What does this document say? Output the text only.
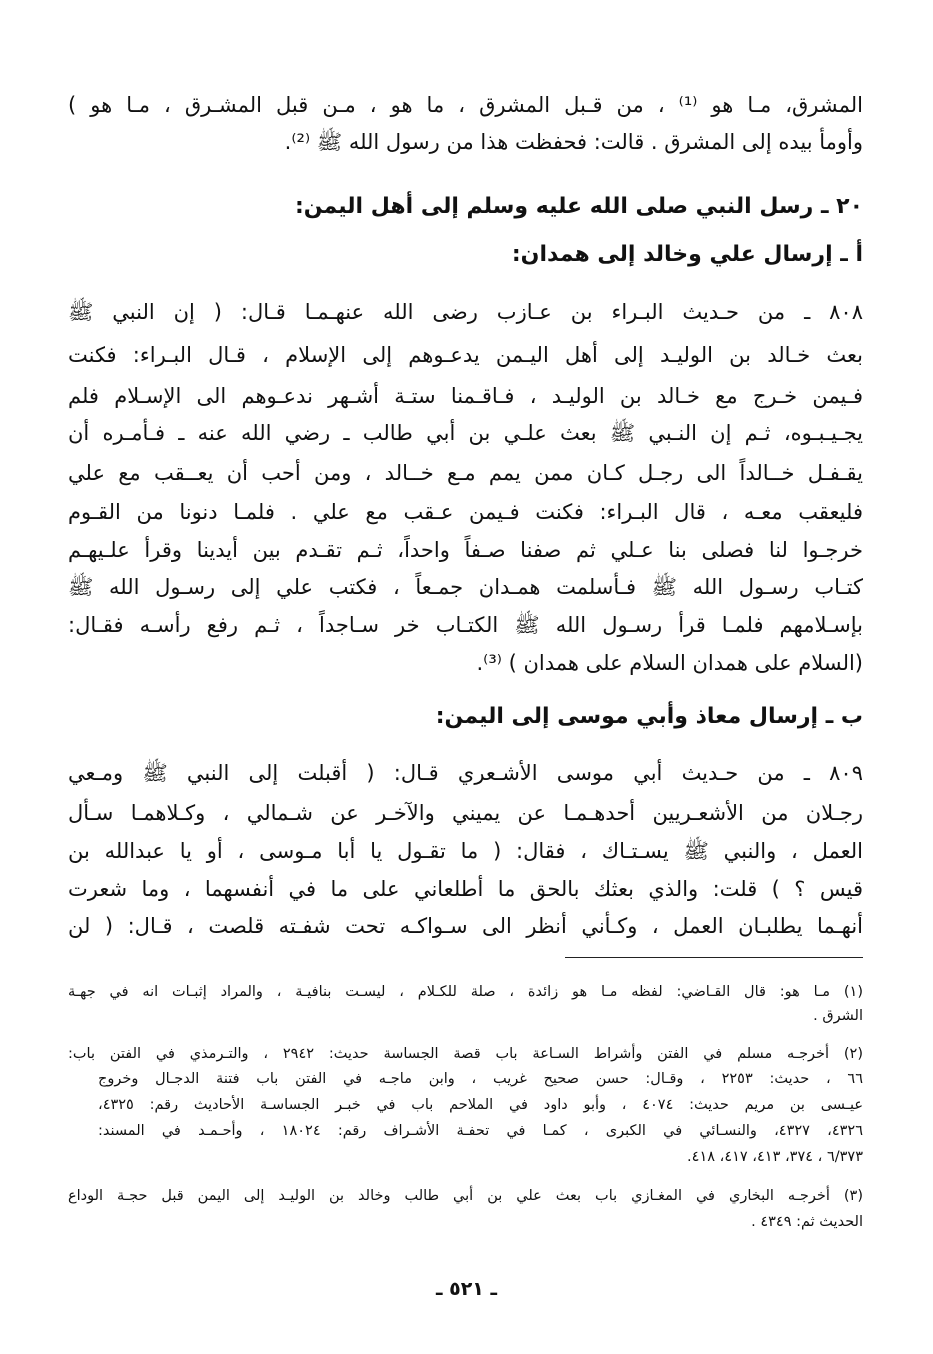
المشرق، مـا هو ⁽¹⁾ ، من قـبل المشرق ، ما هو ، مـن قبل المشـرق ، مـا هو )
وأومأ بيده إلى المشرق . قالت: فحفظت هذا من رسول الله ﷺ ⁽²⁾.
٢٠ ـ رسل النبي صلى الله عليه وسلم إلى أهل اليمن:
أ ـ إرسال علي وخالد إلى همدان:
٨٠٨ ـ من حـديث البـراء بن عـازب رضى الله عنهـمـا قـال: ( إن النبي ﷺ
بعث خـالد بن الوليـد إلى أهل اليـمن يدعـوهم إلى الإسلام ، قـال البـراء: فكنت
فـيمن خـرج مع خـالد بن الوليـد ، فـاقـمنا ستـة أشـهر ندعـوهم الى الإسـلام فلم
يجـيـبـوه، ثـم إن النـبي ﷺ بعث علـي بن أبي طالب ـ رضي الله عنه ـ فـأمـره أن
يقـفـل خــالداً الى رجـل كـان ممن يمم مـع خــالد ، ومن أحب أن يعــقب مع علي
فليعقب معـه ، قال البـراء: فكنت فـيمن عـقب مع علي . فلمـا دنونا من القـوم
خرجـوا لنا فصلى بنا عـلي ثم صفنا صـفاً واحداً، ثـم تقـدم بين أيدينا وقرأ علـيهـم
كتـاب رسـول الله ﷺ فـأسلمت همـدان جمـعاً ، فكتب علي إلى رسـول الله ﷺ
بإسـلامهم فلمـا قرأ رسـول الله ﷺ الكتـاب خر سـاجداً ، ثـم رفع رأسـه فقـال:
(السلام على همدان السلام على همدان ) ⁽³⁾.
ب ـ إرسال معاذ وأبي موسى إلى اليمن:
٨٠٩ ـ من حـديث أبي موسى الأشـعري قـال: ( أقبلت إلى النبي ﷺ ومـعي
رجـلان من الأشعـريين أحدهـمـا عن يميني والآخـر عن شـمالي ، وكـلاهمـا سـأل
العمل ، والنبي ﷺ يسـتـاك ، فقال: ( ما تقـول يا أبا مـوسى ، أو يا عبدالله بن
قيس ؟ ) قلت: والذي بعثك بالحق ما أطلعاني على ما في أنفسهما ، وما شعرت
أنهـما يطلبـان العمل ، وكـأني أنظر الى سـواكـه تحت شفـته قلصت ، قـال: ( لن
(١) مـا هو: قال القـاضي: لفظه مـا هو زائدة ، صلة للكـلام ، ليسـت بنافيـة ، والمراد إثبـات انه في جهـة
الشرق .
(٢) أخرجـه مسلم في الفتن وأشراط السـاعة باب قصة الجساسة حديث: ٢٩٤٢ ، والتـرمذي في الفتن باب:
٦٦ ، حديث: ٢٢٥٣ ، وقـال: حسن صحيح غريب ، وابن ماجـه في الفتن باب فتنة الدجـال وخروج
عيـسى بن مريم حديث: ٤٠٧٤ ، وأبو داود في الملاحم باب في خبـر الجساسـة الأحاديث رقم: ٤٣٢٥،
٤٣٢٦، ٤٣٢٧، والنسـائي في الكبرى ، كمـا في تحفـة الأشـراف رقم: ١٨٠٢٤ ، وأحـمـد في المسند:
٦/٣٧٣ ، ٣٧٤، ٤١٣، ٤١٧، ٤١٨.
(٣) أخرجـه البخاري في المغـازي باب بعث علي بن أبي طالب وخالد بن الوليـد إلى اليمن قبل حجـة الوداع
الحديث ثم: ٤٣٤٩ .
ـ ٥٢١ ـ
